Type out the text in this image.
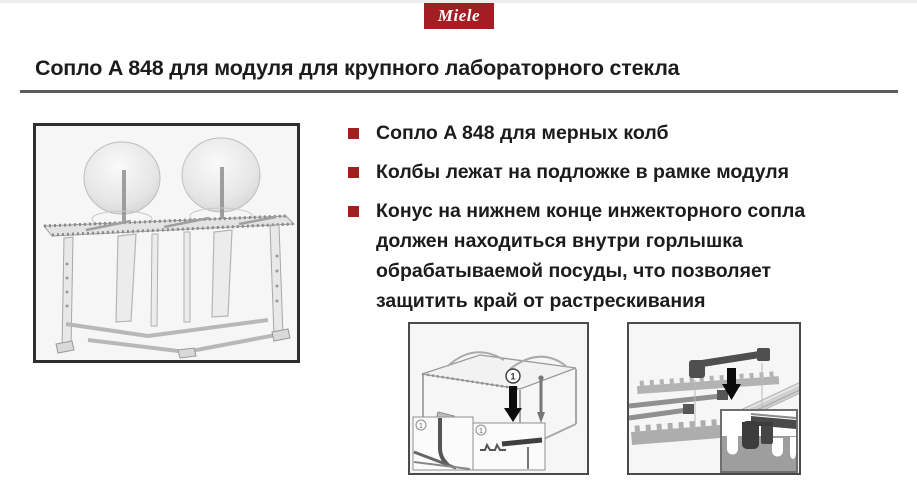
Miele
Сопло A 848 для модуля для крупного лабораторного стекла
Сопло A 848 для мерных колб
Колбы лежат на подложке в рамке модуля
Конус на нижнем конце инжекторного сопла должен находиться внутри горлышка обрабатываемой посуды, что позволяет защитить край от растрескивания
1
1
1
